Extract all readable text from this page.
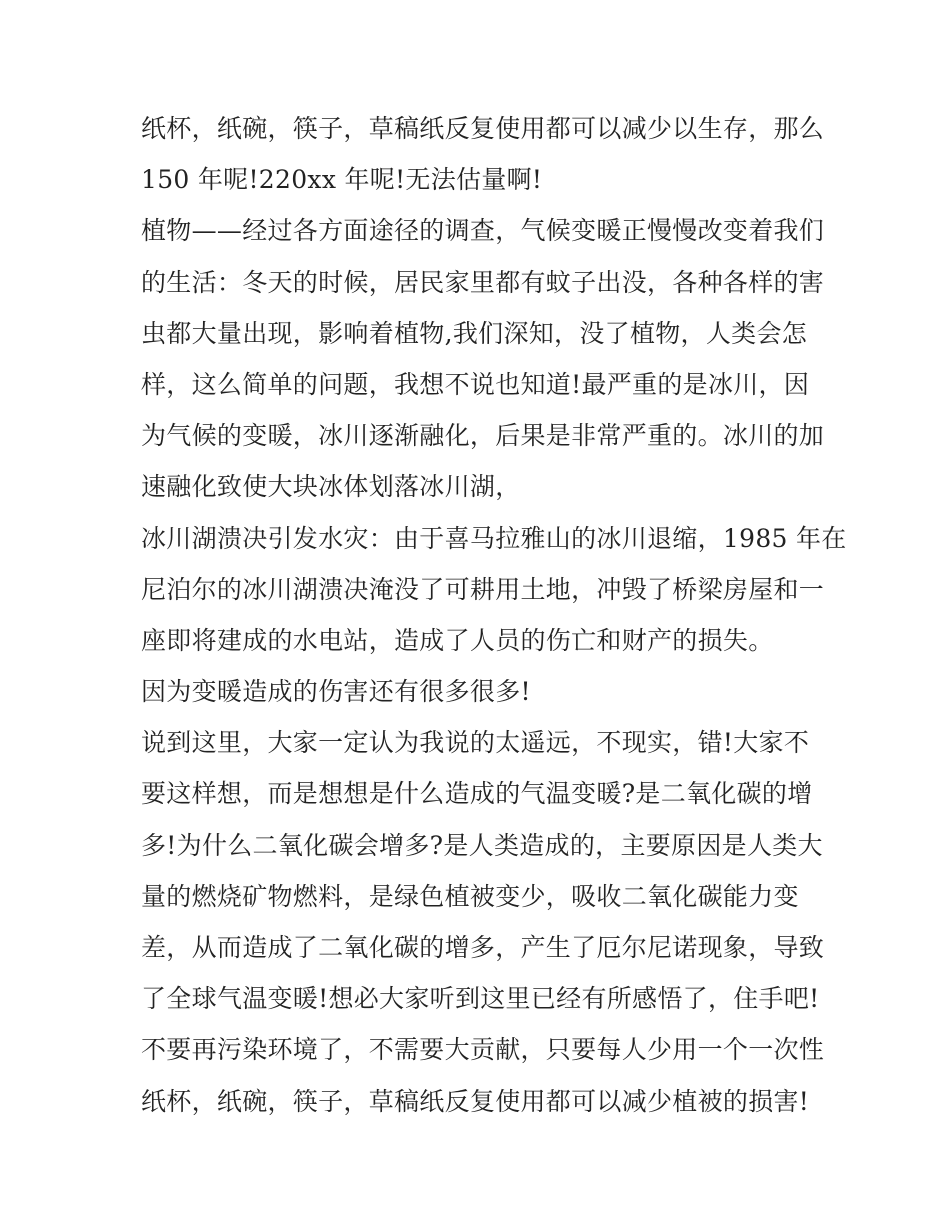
纸杯，纸碗，筷子，草稿纸反复使用都可以减少以生存，那么
150 年呢!220xx 年呢!无法估量啊!
植物——经过各方面途径的调查，气候变暖正慢慢改变着我们
的生活：冬天的时候，居民家里都有蚊子出没，各种各样的害
虫都大量出现，影响着植物,我们深知，没了植物，人类会怎
样，这么简单的问题，我想不说也知道!最严重的是冰川，因
为气候的变暖，冰川逐渐融化，后果是非常严重的。冰川的加
速融化致使大块冰体划落冰川湖，
冰川湖溃决引发水灾：由于喜马拉雅山的冰川退缩，1985 年在
尼泊尔的冰川湖溃决淹没了可耕用土地，冲毁了桥梁房屋和一
座即将建成的水电站，造成了人员的伤亡和财产的损失。
因为变暖造成的伤害还有很多很多!
说到这里，大家一定认为我说的太遥远，不现实，错!大家不
要这样想，而是想想是什么造成的气温变暖?是二氧化碳的增
多!为什么二氧化碳会增多?是人类造成的，主要原因是人类大
量的燃烧矿物燃料，是绿色植被变少，吸收二氧化碳能力变
差，从而造成了二氧化碳的增多，产生了厄尔尼诺现象，导致
了全球气温变暖!想必大家听到这里已经有所感悟了，住手吧!
不要再污染环境了，不需要大贡献，只要每人少用一个一次性
纸杯，纸碗，筷子，草稿纸反复使用都可以减少植被的损害!
